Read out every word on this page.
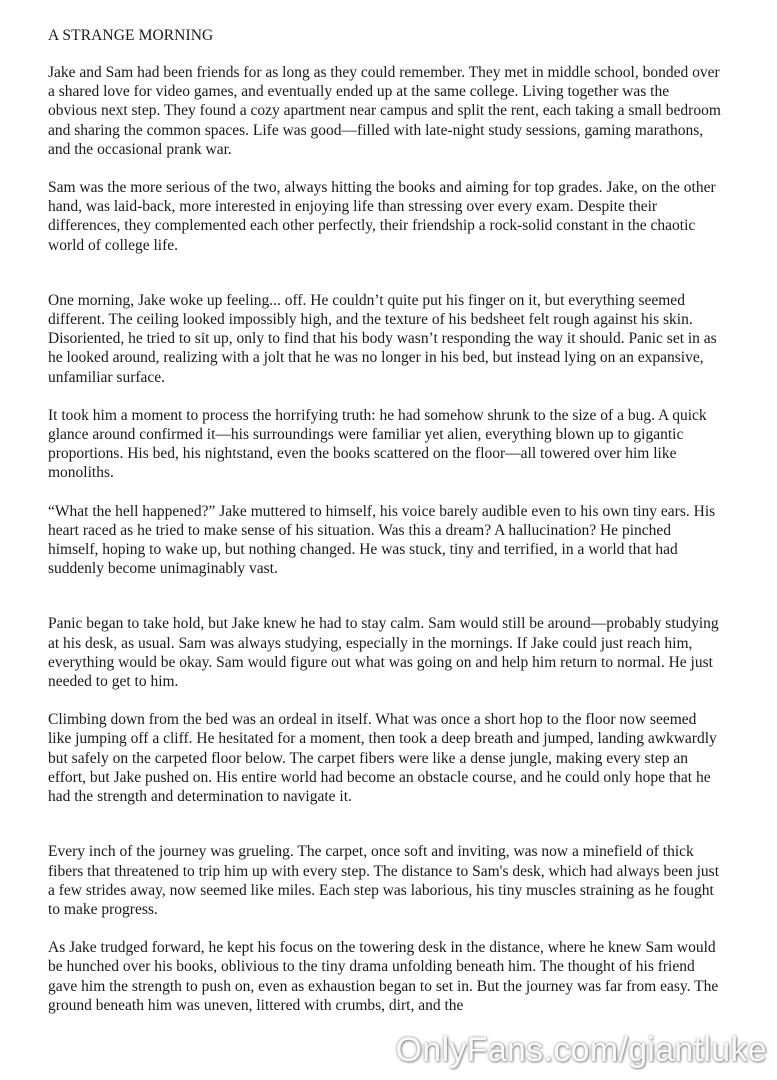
A STRANGE MORNING

Jake and Sam had been friends for as long as they could remember. They met in middle school, bonded over a shared love for video games, and eventually ended up at the same college. Living together was the obvious next step. They found a cozy apartment near campus and split the rent, each taking a small bedroom and sharing the common spaces. Life was good—filled with late-night study sessions, gaming marathons, and the occasional prank war.

Sam was the more serious of the two, always hitting the books and aiming for top grades. Jake, on the other hand, was laid-back, more interested in enjoying life than stressing over every exam. Despite their differences, they complemented each other perfectly, their friendship a rock-solid constant in the chaotic world of college life.

One morning, Jake woke up feeling... off. He couldn’t quite put his finger on it, but everything seemed different. The ceiling looked impossibly high, and the texture of his bedsheet felt rough against his skin. Disoriented, he tried to sit up, only to find that his body wasn’t responding the way it should. Panic set in as he looked around, realizing with a jolt that he was no longer in his bed, but instead lying on an expansive, unfamiliar surface.

It took him a moment to process the horrifying truth: he had somehow shrunk to the size of a bug. A quick glance around confirmed it—his surroundings were familiar yet alien, everything blown up to gigantic proportions. His bed, his nightstand, even the books scattered on the floor—all towered over him like monoliths.

“What the hell happened?” Jake muttered to himself, his voice barely audible even to his own tiny ears. His heart raced as he tried to make sense of his situation. Was this a dream? A hallucination? He pinched himself, hoping to wake up, but nothing changed. He was stuck, tiny and terrified, in a world that had suddenly become unimaginably vast.

Panic began to take hold, but Jake knew he had to stay calm. Sam would still be around—probably studying at his desk, as usual. Sam was always studying, especially in the mornings. If Jake could just reach him, everything would be okay. Sam would figure out what was going on and help him return to normal. He just needed to get to him.

Climbing down from the bed was an ordeal in itself. What was once a short hop to the floor now seemed like jumping off a cliff. He hesitated for a moment, then took a deep breath and jumped, landing awkwardly but safely on the carpeted floor below. The carpet fibers were like a dense jungle, making every step an effort, but Jake pushed on. His entire world had become an obstacle course, and he could only hope that he had the strength and determination to navigate it.

Every inch of the journey was grueling. The carpet, once soft and inviting, was now a minefield of thick fibers that threatened to trip him up with every step. The distance to Sam's desk, which had always been just a few strides away, now seemed like miles. Each step was laborious, his tiny muscles straining as he fought to make progress.

As Jake trudged forward, he kept his focus on the towering desk in the distance, where he knew Sam would be hunched over his books, oblivious to the tiny drama unfolding beneath him. The thought of his friend gave him the strength to push on, even as exhaustion began to set in. But the journey was far from easy. The ground beneath him was uneven, littered with crumbs, dirt, and the

OnlyFans.com/giantluke
